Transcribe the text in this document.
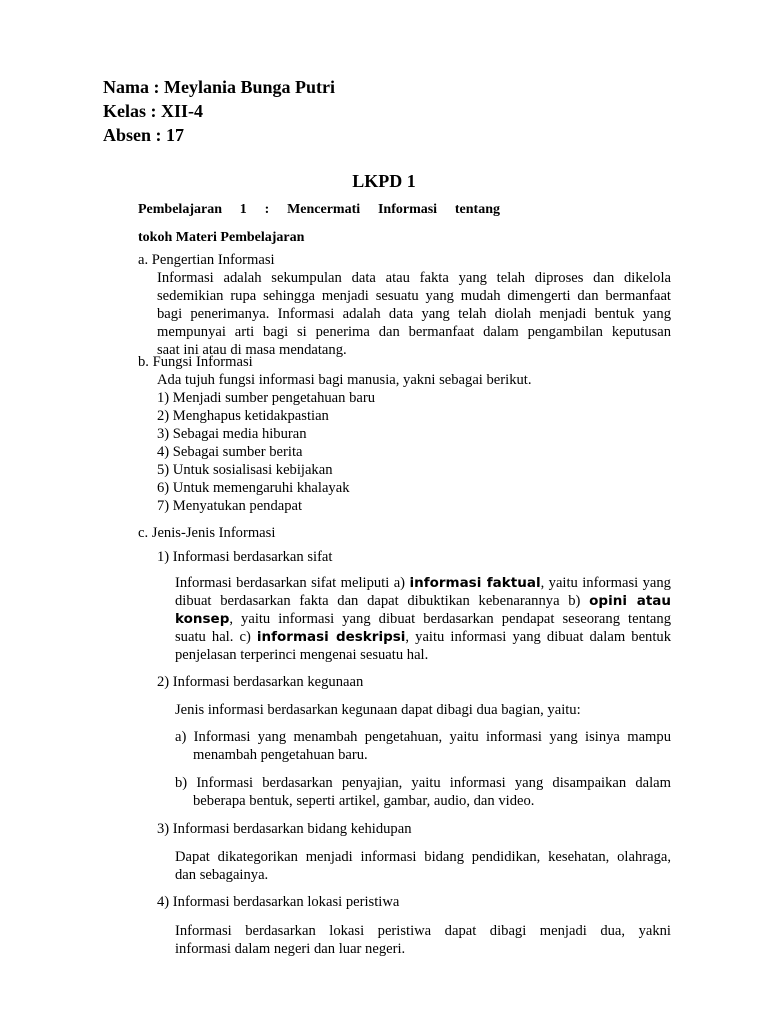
Nama : Meylania Bunga Putri
Kelas : XII-4
Absen : 17
LKPD 1
Pembelajaran 1 : Mencermati Informasi tentang
tokoh Materi Pembelajaran
a. Pengertian Informasi
Informasi adalah sekumpulan data atau fakta yang telah diproses dan dikelola
sedemikian rupa sehingga menjadi sesuatu yang mudah dimengerti dan bermanfaat
bagi penerimanya. Informasi adalah data yang telah diolah menjadi bentuk yang
mempunyai arti bagi si penerima dan bermanfaat dalam pengambilan keputusan
saat ini atau di masa mendatang.
b. Fungsi Informasi
Ada tujuh fungsi informasi bagi manusia, yakni sebagai berikut.
1) Menjadi sumber pengetahuan baru
2) Menghapus ketidakpastian
3) Sebagai media hiburan
4) Sebagai sumber berita
5) Untuk sosialisasi kebijakan
6) Untuk memengaruhi khalayak
7) Menyatukan pendapat
c. Jenis-Jenis Informasi
1) Informasi berdasarkan sifat
Informasi berdasarkan sifat meliputi a) informasi faktual, yaitu informasi yang
dibuat berdasarkan fakta dan dapat dibuktikan kebenarannya b) opini atau
konsep, yaitu informasi yang dibuat berdasarkan pendapat seseorang tentang
suatu hal. c) informasi deskripsi, yaitu informasi yang dibuat dalam bentuk
penjelasan terperinci mengenai sesuatu hal.
2) Informasi berdasarkan kegunaan
Jenis informasi berdasarkan kegunaan dapat dibagi dua bagian, yaitu:
a) Informasi yang menambah pengetahuan, yaitu informasi yang isinya mampu
menambah pengetahuan baru.
b) Informasi berdasarkan penyajian, yaitu informasi yang disampaikan dalam
beberapa bentuk, seperti artikel, gambar, audio, dan video.
3) Informasi berdasarkan bidang kehidupan
Dapat dikategorikan menjadi informasi bidang pendidikan, kesehatan, olahraga,
dan sebagainya.
4) Informasi berdasarkan lokasi peristiwa
Informasi berdasarkan lokasi peristiwa dapat dibagi menjadi dua, yakni
informasi dalam negeri dan luar negeri.
